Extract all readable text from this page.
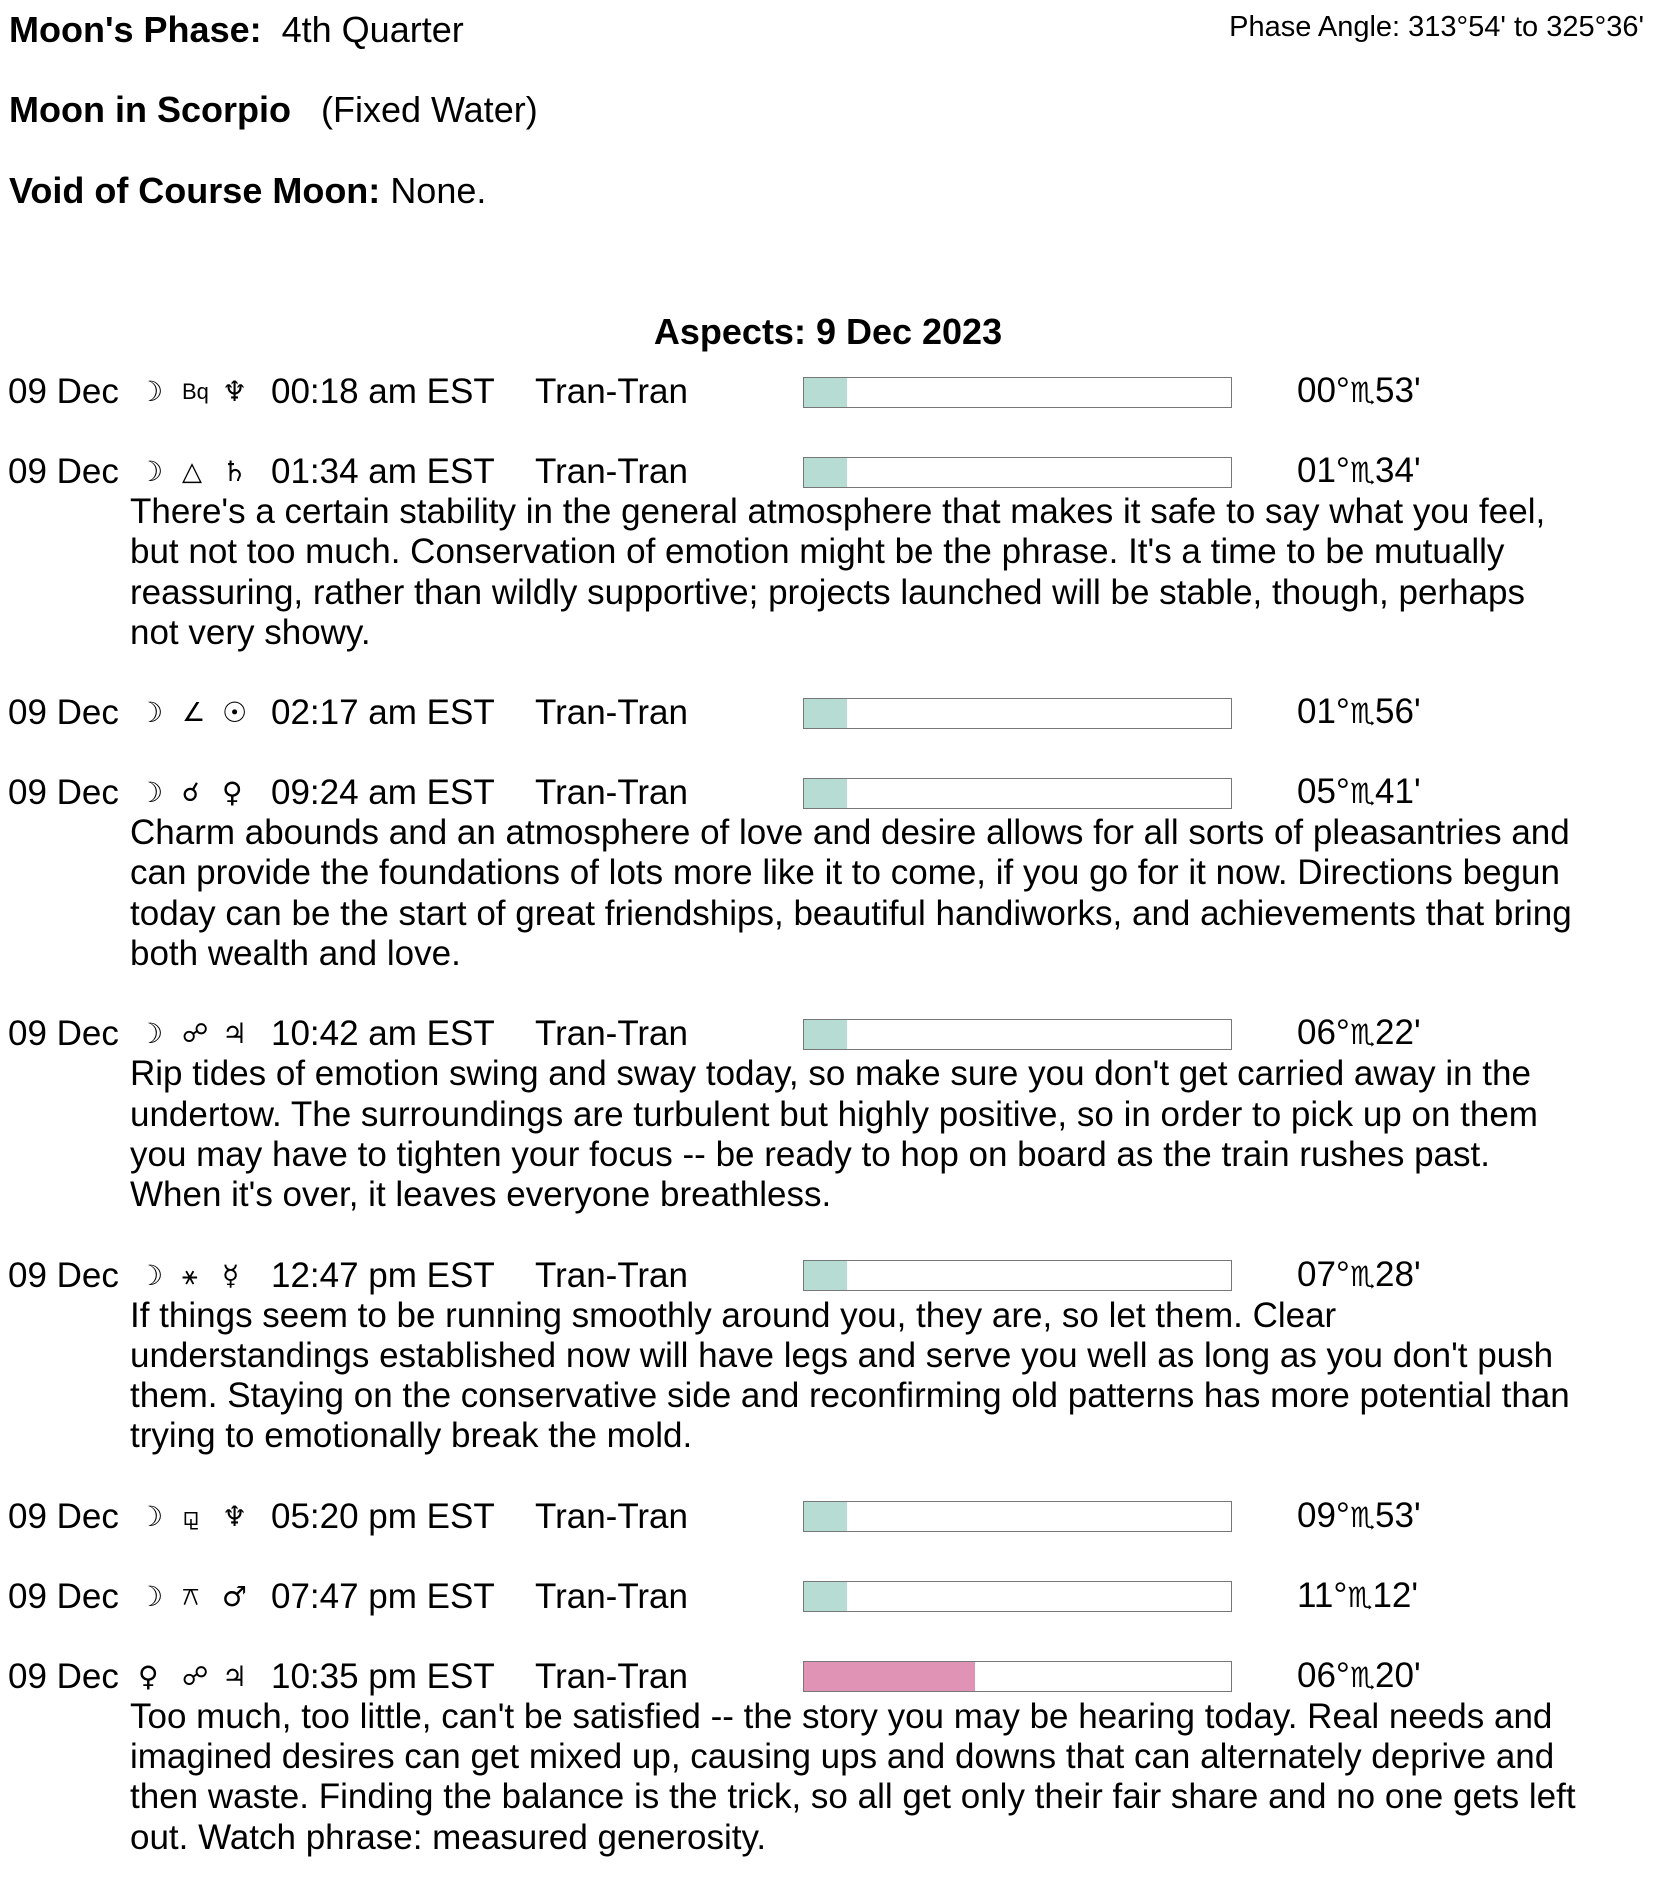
Moon's Phase: 4th Quarter	Phase Angle: 313°54' to 325°36'
Moon in Scorpio (Fixed Water)
Void of Course Moon: None.
Aspects: 9 Dec 2023
09 Dec ☽ Bq ♆ 00:18 am EST	Tran-Tran	00°♏53'
09 Dec ☽ △ ♄ 01:34 am EST	Tran-Tran	01°♏34'
There's a certain stability in the general atmosphere that makes it safe to say what you feel,
but not too much. Conservation of emotion might be the phrase. It's a time to be mutually
reassuring, rather than wildly supportive; projects launched will be stable, though, perhaps
not very showy.
09 Dec ☽ ∠ ☉ 02:17 am EST	Tran-Tran	01°♏56'
09 Dec ☽ ☌ ♀ 09:24 am EST	Tran-Tran	05°♏41'
Charm abounds and an atmosphere of love and desire allows for all sorts of pleasantries and
can provide the foundations of lots more like it to come, if you go for it now. Directions begun
today can be the start of great friendships, beautiful handiworks, and achievements that bring
both wealth and love.
09 Dec ☽ ☍ ♃ 10:42 am EST	Tran-Tran	06°♏22'
Rip tides of emotion swing and sway today, so make sure you don't get carried away in the
undertow. The surroundings are turbulent but highly positive, so in order to pick up on them
you may have to tighten your focus -- be ready to hop on board as the train rushes past.
When it's over, it leaves everyone breathless.
09 Dec ☽ ⚹ ☿ 12:47 pm EST	Tran-Tran	07°♏28'
If things seem to be running smoothly around you, they are, so let them. Clear
understandings established now will have legs and serve you well as long as you don't push
them. Staying on the conservative side and reconfirming old patterns has more potential than
trying to emotionally break the mold.
09 Dec ☽ ⚼ ♆ 05:20 pm EST	Tran-Tran	09°♏53'
09 Dec ☽ ⚻ ♂ 07:47 pm EST	Tran-Tran	11°♏12'
09 Dec ♀ ☍ ♃ 10:35 pm EST	Tran-Tran	06°♏20'
Too much, too little, can't be satisfied -- the story you may be hearing today. Real needs and
imagined desires can get mixed up, causing ups and downs that can alternately deprive and
then waste. Finding the balance is the trick, so all get only their fair share and no one gets left
out. Watch phrase: measured generosity.
